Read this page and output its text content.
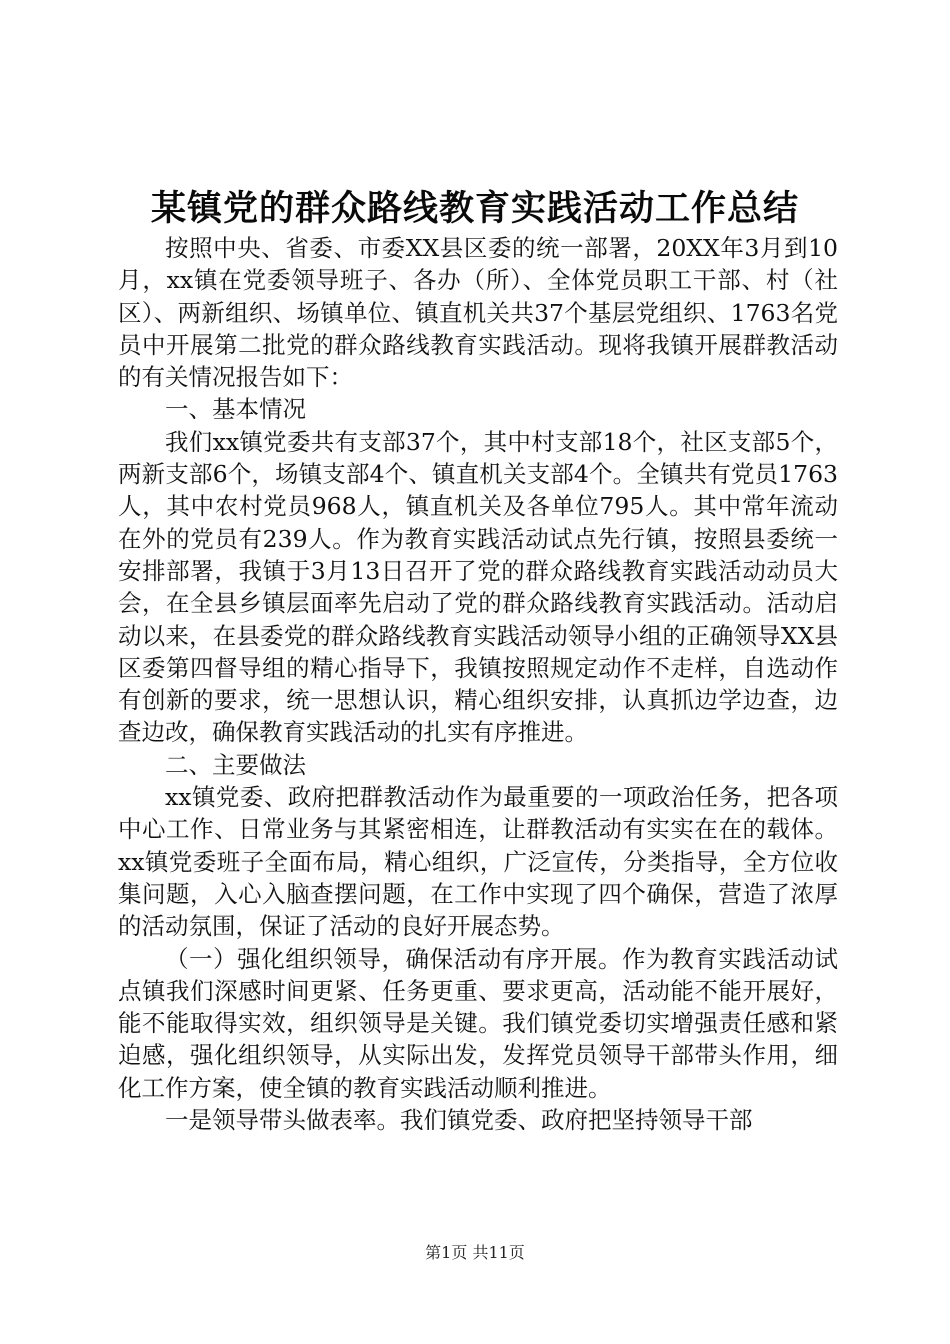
某镇党的群众路线教育实践活动工作总结

按照中央、省委、市委XX县区委的统一部署，20XX年3月到10月，xx镇在党委领导班子、各办（所）、全体党员职工干部、村（社区）、两新组织、场镇单位、镇直机关共37个基层党组织、1763名党员中开展第二批党的群众路线教育实践活动。现将我镇开展群教活动的有关情况报告如下：

一、基本情况

我们xx镇党委共有支部37个，其中村支部18个，社区支部5个，两新支部6个，场镇支部4个、镇直机关支部4个。全镇共有党员1763人，其中农村党员968人，镇直机关及各单位795人。其中常年流动在外的党员有239人。作为教育实践活动试点先行镇，按照县委统一安排部署，我镇于3月13日召开了党的群众路线教育实践活动动员大会，在全县乡镇层面率先启动了党的群众路线教育实践活动。活动启动以来，在县委党的群众路线教育实践活动领导小组的正确领导XX县区委第四督导组的精心指导下，我镇按照规定动作不走样，自选动作有创新的要求，统一思想认识，精心组织安排，认真抓边学边查，边查边改，确保教育实践活动的扎实有序推进。

二、主要做法

xx镇党委、政府把群教活动作为最重要的一项政治任务，把各项中心工作、日常业务与其紧密相连，让群教活动有实实在在的载体。xx镇党委班子全面布局，精心组织，广泛宣传，分类指导，全方位收集问题，入心入脑查摆问题，在工作中实现了四个确保，营造了浓厚的活动氛围，保证了活动的良好开展态势。

（一）强化组织领导，确保活动有序开展。作为教育实践活动试点镇我们深感时间更紧、任务更重、要求更高，活动能不能开展好，能不能取得实效，组织领导是关键。我们镇党委切实增强责任感和紧迫感，强化组织领导，从实际出发，发挥党员领导干部带头作用，细化工作方案，使全镇的教育实践活动顺利推进。

一是领导带头做表率。我们镇党委、政府把坚持领导干部

第1页 共11页
